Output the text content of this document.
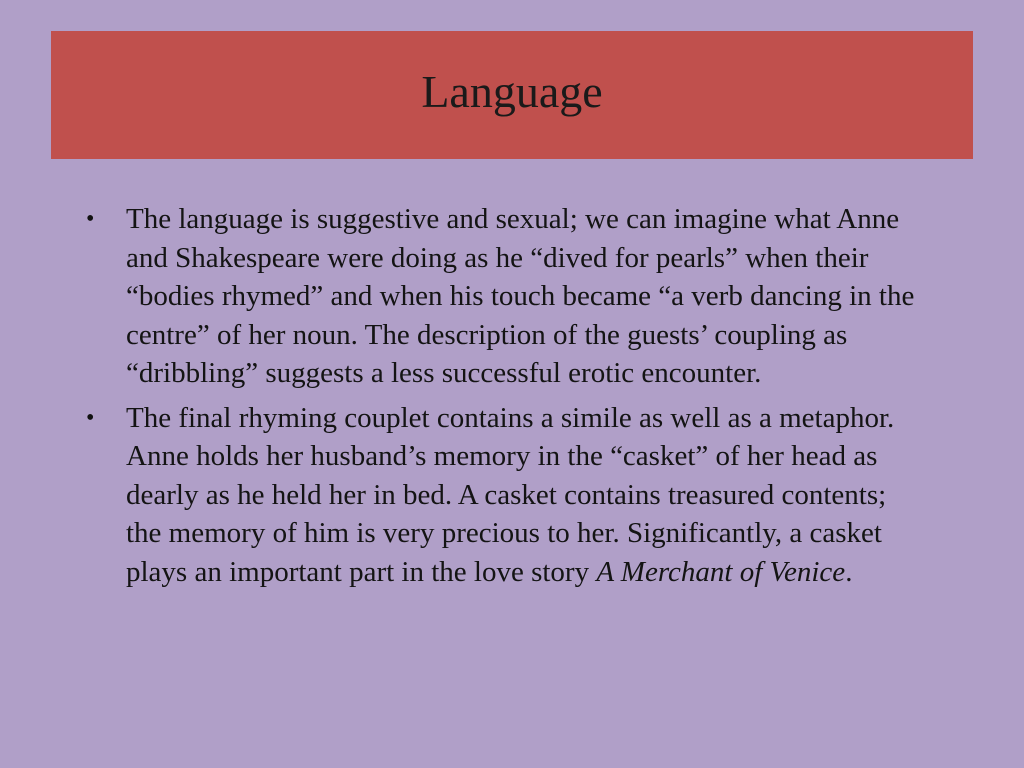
Language
•	The language is suggestive and sexual; we can imagine what Anne and Shakespeare were doing as he “dived for pearls” when their “bodies rhymed” and when his touch became “a verb dancing in the centre” of her noun. The description of the guests’ coupling as “dribbling” suggests a less successful erotic encounter.
•	The final rhyming couplet contains a simile as well as a metaphor. Anne holds her husband’s memory in the “casket” of her head as dearly as he held her in bed. A casket contains treasured contents; the memory of him is very precious to her. Significantly, a casket plays an important part in the love story A Merchant of Venice.
